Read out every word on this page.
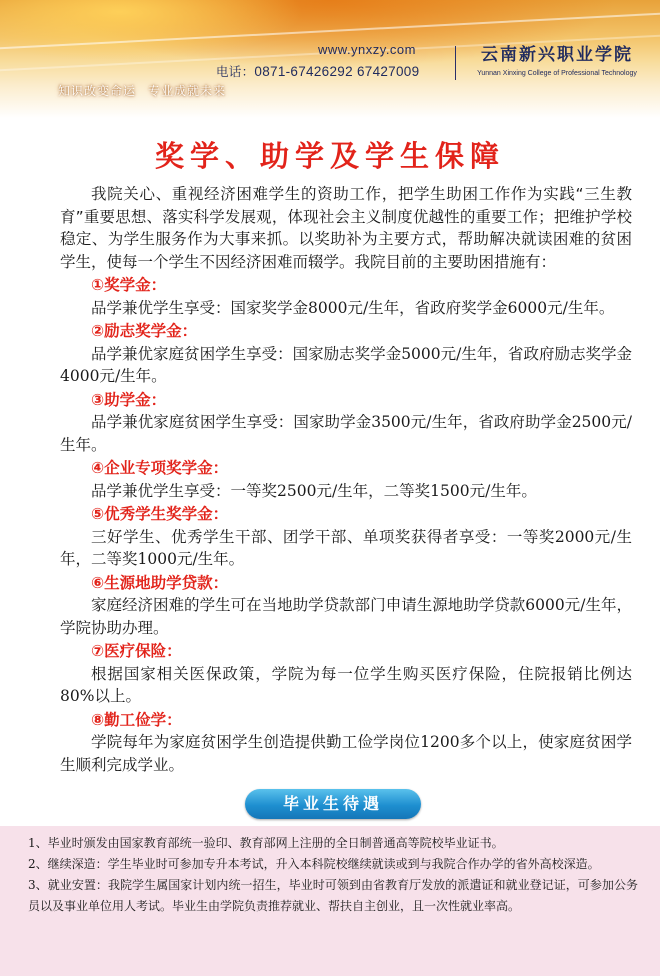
www.ynxzy.com
电话：0871-67426292 67427009
云南新兴职业学院
Yunnan Xinxing College of Professional Technology
知识改变命运 专业成就未来
奖学、助学及学生保障

我院关心、重视经济困难学生的资助工作，把学生助困工作作为实践“三生教育”重要思想、落实科学发展观，体现社会主义制度优越性的重要工作；把维护学校稳定、为学生服务作为大事来抓。以奖助补为主要方式，帮助解决就读困难的贫困学生，使每一个学生不因经济困难而辍学。我院目前的主要助困措施有：

①奖学金：

品学兼优学生享受：国家奖学金8000元/生年，省政府奖学金6000元/生年。

②励志奖学金：

品学兼优家庭贫困学生享受：国家励志奖学金5000元/生年，省政府励志奖学金4000元/生年。

③助学金：

品学兼优家庭贫困学生享受：国家助学金3500元/生年，省政府助学金2500元/生年。

④企业专项奖学金：

品学兼优学生享受：一等奖2500元/生年，二等奖1500元/生年。

⑤优秀学生奖学金：

三好学生、优秀学生干部、团学干部、单项奖获得者享受：一等奖2000元/生年，二等奖1000元/生年。

⑥生源地助学贷款：

家庭经济困难的学生可在当地助学贷款部门申请生源地助学贷款6000元/生年，学院协助办理。

⑦医疗保险：

根据国家相关医保政策，学院为每一位学生购买医疗保险，住院报销比例达80%以上。

⑧勤工俭学：

学院每年为家庭贫困学生创造提供勤工俭学岗位1200多个以上，使家庭贫困学生顺利完成学业。

毕业生待遇

1、毕业时颁发由国家教育部统一验印、教育部网上注册的全日制普通高等院校毕业证书。

2、继续深造：学生毕业时可参加专升本考试，升入本科院校继续就读或到与我院合作办学的省外高校深造。

3、就业安置：我院学生属国家计划内统一招生，毕业时可领到由省教育厅发放的派遣证和就业登记证，可参加公务员以及事业单位用人考试。毕业生由学院负责推荐就业、帮扶自主创业，且一次性就业率高。
